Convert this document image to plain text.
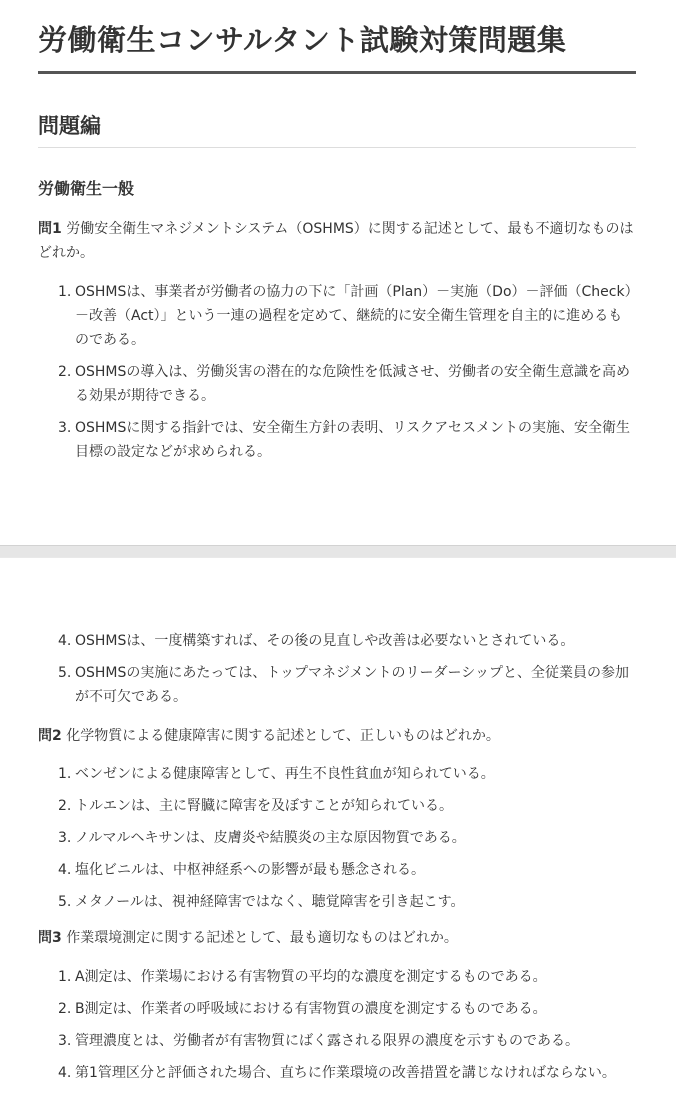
労働衛生コンサルタント試験対策問題集
問題編
労働衛生一般

問1 労働安全衛生マネジメントシステム（OSHMS）に関する記述として、最も不適切なものはどれか。

1. OSHMSは、事業者が労働者の協力の下に「計画（Plan）－実施（Do）－評価（Check）－改善（Act）」という一連の過程を定めて、継続的に安全衛生管理を自主的に進めるものである。
2. OSHMSの導入は、労働災害の潜在的な危険性を低減させ、労働者の安全衛生意識を高める効果が期待できる。
3. OSHMSに関する指針では、安全衛生方針の表明、リスクアセスメントの実施、安全衛生目標の設定などが求められる。
4. OSHMSは、一度構築すれば、その後の見直しや改善は必要ないとされている。
5. OSHMSの実施にあたっては、トップマネジメントのリーダーシップと、全従業員の参加が不可欠である。

問2 化学物質による健康障害に関する記述として、正しいものはどれか。

1. ベンゼンによる健康障害として、再生不良性貧血が知られている。
2. トルエンは、主に腎臓に障害を及ぼすことが知られている。
3. ノルマルヘキサンは、皮膚炎や結膜炎の主な原因物質である。
4. 塩化ビニルは、中枢神経系への影響が最も懸念される。
5. メタノールは、視神経障害ではなく、聴覚障害を引き起こす。

問3 作業環境測定に関する記述として、最も適切なものはどれか。

1. A測定は、作業場における有害物質の平均的な濃度を測定するものである。
2. B測定は、作業者の呼吸域における有害物質の濃度を測定するものである。
3. 管理濃度とは、労働者が有害物質にばく露される限界の濃度を示すものである。
4. 第1管理区分と評価された場合、直ちに作業環境の改善措置を講じなければならない。
